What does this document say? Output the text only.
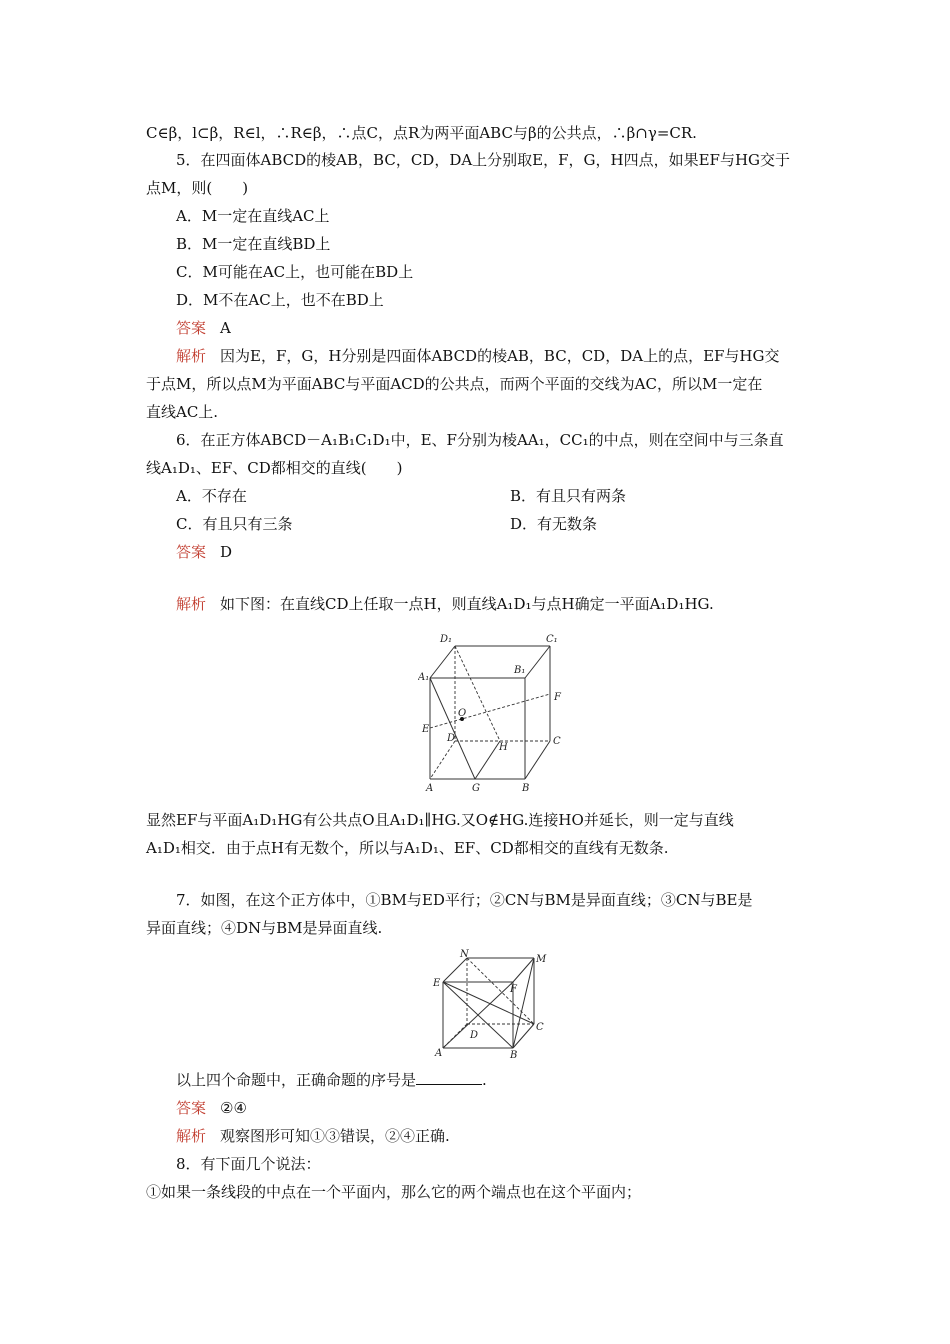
C∈β，l⊂β，R∈l，∴R∈β，∴点C，点R为两平面ABC与β的公共点，∴β∩γ=CR.
5．在四面体ABCD的棱AB，BC，CD，DA上分别取E，F，G，H四点，如果EF与HG交于
点M，则(　　)
A．M一定在直线AC上
B．M一定在直线BD上
C．M可能在AC上，也可能在BD上
D．M不在AC上，也不在BD上
答案 A
解析 因为E，F，G，H分别是四面体ABCD的棱AB，BC，CD，DA上的点，EF与HG交
于点M，所以点M为平面ABC与平面ACD的公共点，而两个平面的交线为AC，所以M一定在
直线AC上.
6．在正方体ABCD－A₁B₁C₁D₁中，E、F分别为棱AA₁，CC₁的中点，则在空间中与三条直
线A₁D₁、EF、CD都相交的直线(　　)
A．不存在	B．有且只有两条
C．有且只有三条	D．有无数条
答案 D
解析 如下图：在直线CD上任取一点H，则直线A₁D₁与点H确定一平面A₁D₁HG.
D₁	C₁
B₁
A₁
F
O
E
D
H
C
A	G	B
显然EF与平面A₁D₁HG有公共点O且A₁D₁∥HG.又O∉HG.连接HO并延长，则一定与直线
A₁D₁相交．由于点H有无数个，所以与A₁D₁、EF、CD都相交的直线有无数条.
7．如图，在这个正方体中，①BM与ED平行；②CN与BM是异面直线；③CN与BE是
异面直线；④DN与BM是异面直线.
N	M
E
F
C
D
A	B
以上四个命题中，正确命题的序号是	.
答案 ②④
解析 观察图形可知①③错误，②④正确.
8．有下面几个说法：
①如果一条线段的中点在一个平面内，那么它的两个端点也在这个平面内；
